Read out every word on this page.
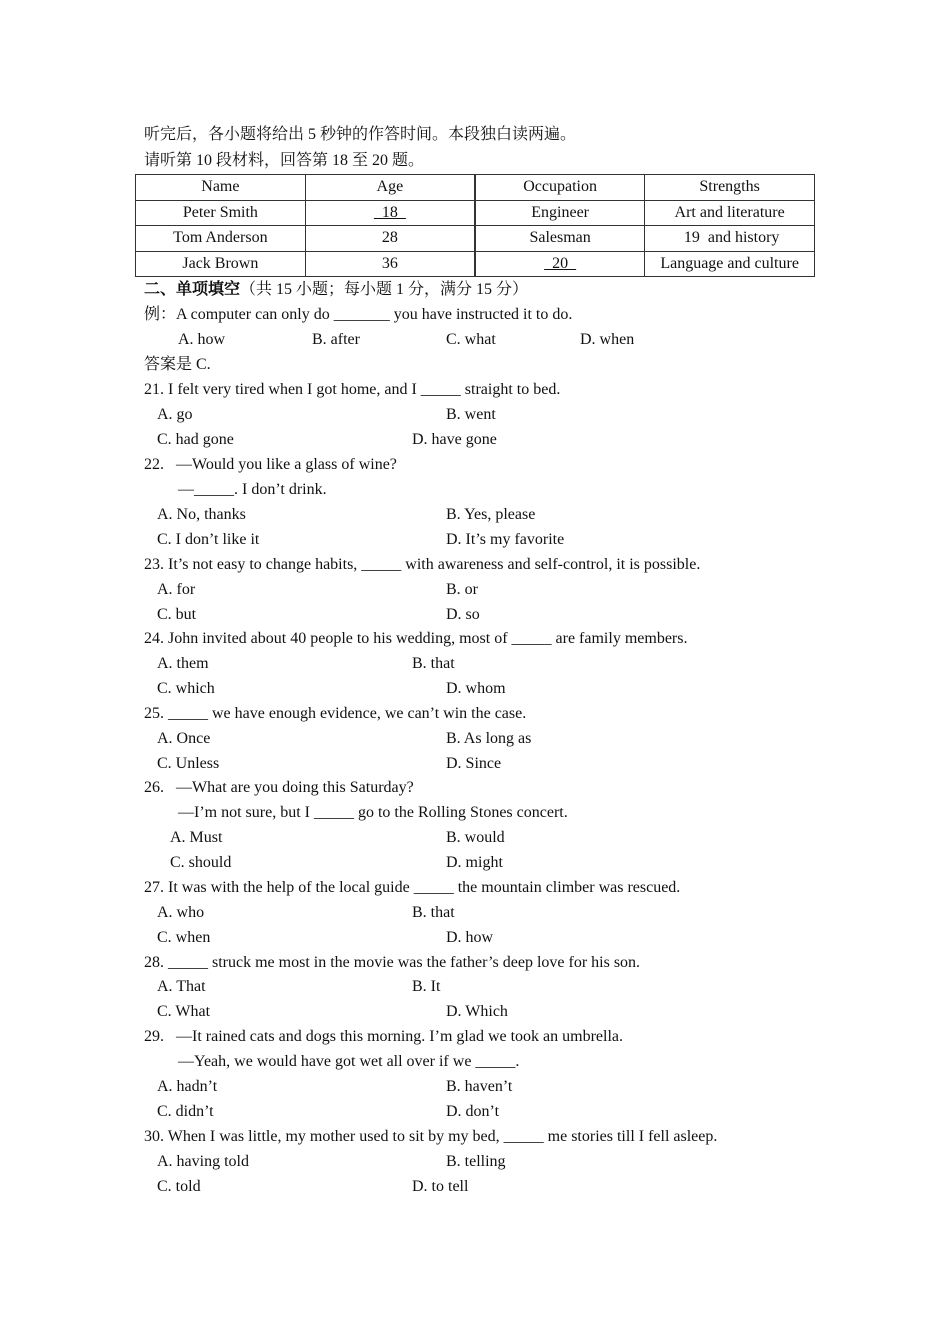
听完后，各小题将给出 5 秒钟的作答时间。本段独白读两遍。
请听第 10 段材料，回答第 18 至 20 题。
Name	Age	Occupation	Strengths
Peter Smith	18	Engineer	Art and literature
Tom Anderson	28	Salesman	19  and history
Jack Brown	36	20	Language and culture
二、单项填空（共 15 小题；每小题 1 分，满分 15 分）
例：A computer can only do _______ you have instructed it to do.
A. how	B. after	C. what	D. when
答案是 C.
21. I felt very tired when I got home, and I _____ straight to bed.
A. go	B. went
C. had gone	D. have gone
22.   —Would you like a glass of wine?
—_____. I don’t drink.
A. No, thanks	B. Yes, please
C. I don’t like it	D. It’s my favorite
23. It’s not easy to change habits, _____ with awareness and self-control, it is possible.
A. for	B. or
C. but	D. so
24. John invited about 40 people to his wedding, most of _____ are family members.
A. them	B. that
C. which	D. whom
25. _____ we have enough evidence, we can’t win the case.
A. Once	B. As long as
C. Unless	D. Since
26.   —What are you doing this Saturday?
—I’m not sure, but I _____ go to the Rolling Stones concert.
A. Must	B. would
C. should	D. might
27. It was with the help of the local guide _____ the mountain climber was rescued.
A. who	B. that
C. when	D. how
28. _____ struck me most in the movie was the father’s deep love for his son.
A. That	B. It
C. What	D. Which
29.   —It rained cats and dogs this morning. I’m glad we took an umbrella.
—Yeah, we would have got wet all over if we _____.
A. hadn’t	B. haven’t
C. didn’t	D. don’t
30. When I was little, my mother used to sit by my bed, _____ me stories till I fell asleep.
A. having told	B. telling
C. told	D. to tell
